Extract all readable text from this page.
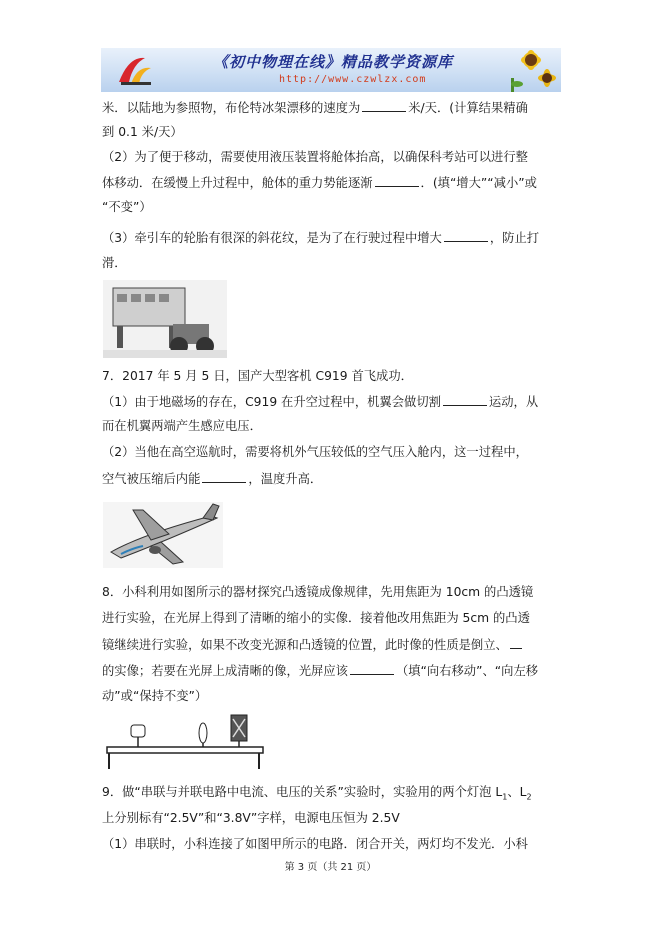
《初中物理在线》精品教学资源库
http://www.czwlzx.com
米．以陆地为参照物，布伦特冰架漂移的速度为	米/天．(计算结果精确
到 0.1 米/天）
（2）为了便于移动，需要使用液压装置将舱体抬高，以确保科考站可以进行整
体移动．在缓慢上升过程中，舱体的重力势能逐渐	．(填“增大”“减小”或
“不变”）
（3）牵引车的轮胎有很深的斜花纹，是为了在行驶过程中增大	，防止打
滑．
7．2017 年 5 月 5 日，国产大型客机 C919 首飞成功．
（1）由于地磁场的存在，C919 在升空过程中，机翼会做切割	运动，从
而在机翼两端产生感应电压．
（2）当他在高空巡航时，需要将机外气压较低的空气压入舱内，这一过程中，
空气被压缩后内能	，温度升高．
8．小科利用如图所示的器材探究凸透镜成像规律，先用焦距为 10cm 的凸透镜
进行实验，在光屏上得到了清晰的缩小的实像．接着他改用焦距为 5cm 的凸透
镜继续进行实验，如果不改变光源和凸透镜的位置，此时像的性质是倒立、
的实像；若要在光屏上成清晰的像，光屏应该	（填“向右移动”、“向左移
动”或“保持不变”）
9．做“串联与并联电路中电流、电压的关系”实验时，实验用的两个灯泡 $L_1$、$L_2$
上分别标有“2.5V”和“3.8V”字样，电源电压恒为 2.5V
（1）串联时，小科连接了如图甲所示的电路．闭合开关，两灯均不发光．小科
第 3 页（共 21 页）
